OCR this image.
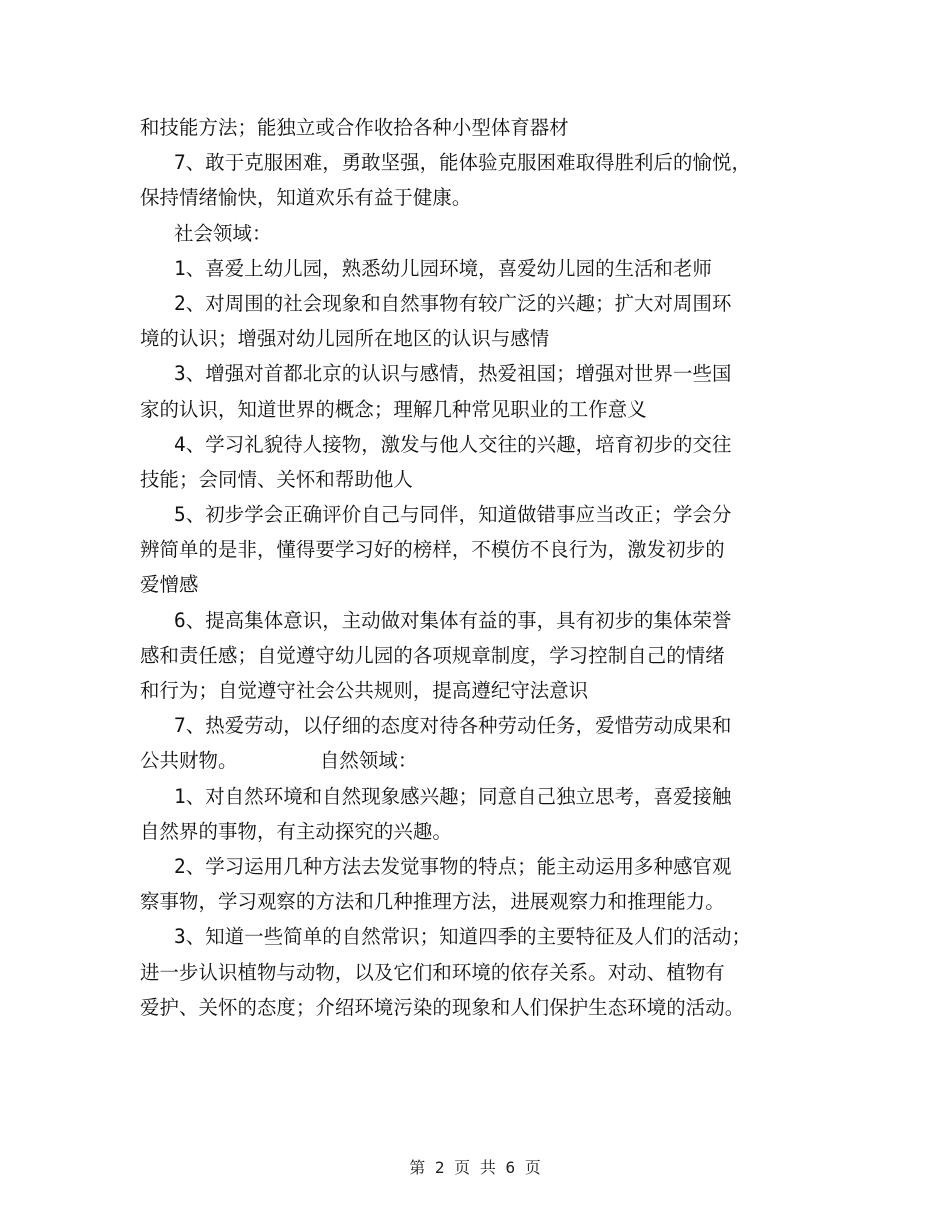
和技能方法；能独立或合作收拾各种小型体育器材
7、敢于克服困难，勇敢坚强，能体验克服困难取得胜利后的愉悦，
保持情绪愉快，知道欢乐有益于健康。
社会领域：
1、喜爱上幼儿园，熟悉幼儿园环境，喜爱幼儿园的生活和老师
2、对周围的社会现象和自然事物有较广泛的兴趣；扩大对周围环
境的认识；增强对幼儿园所在地区的认识与感情
3、增强对首都北京的认识与感情，热爱祖国；增强对世界一些国
家的认识，知道世界的概念；理解几种常见职业的工作意义
4、学习礼貌待人接物，激发与他人交往的兴趣，培育初步的交往
技能；会同情、关怀和帮助他人
5、初步学会正确评价自己与同伴，知道做错事应当改正；学会分
辨简单的是非，懂得要学习好的榜样，不模仿不良行为，激发初步的
爱憎感
6、提高集体意识，主动做对集体有益的事，具有初步的集体荣誉
感和责任感；自觉遵守幼儿园的各项规章制度，学习控制自己的情绪
和行为；自觉遵守社会公共规则，提高遵纪守法意识
7、热爱劳动，以仔细的态度对待各种劳动任务，爱惜劳动成果和
公共财物。       自然领域：
1、对自然环境和自然现象感兴趣；同意自己独立思考，喜爱接触
自然界的事物，有主动探究的兴趣。
2、学习运用几种方法去发觉事物的特点；能主动运用多种感官观
察事物，学习观察的方法和几种推理方法，进展观察力和推理能力。
3、知道一些简单的自然常识；知道四季的主要特征及人们的活动；
进一步认识植物与动物，以及它们和环境的依存关系。对动、植物有
爱护、关怀的态度；介绍环境污染的现象和人们保护生态环境的活动。
第 2 页 共 6 页
